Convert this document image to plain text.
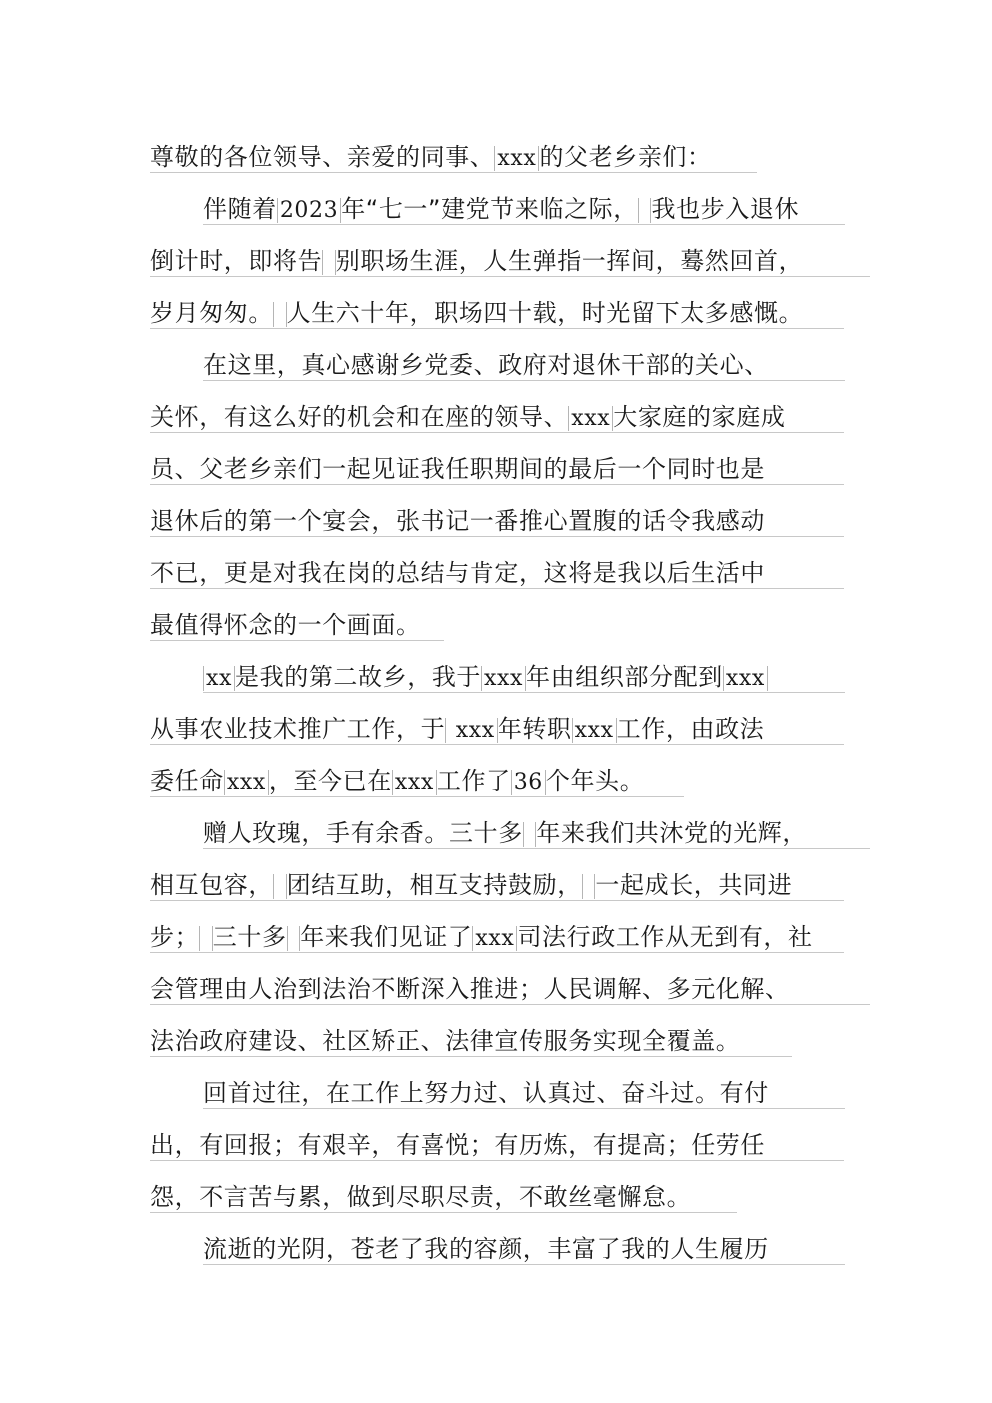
尊敬的各位领导、亲爱的同事、 xxx 的父老乡亲们：
伴随着 2023 年“七一”建党节来临之际， 我也步入退休
倒计时，即将告 别职场生涯，人生弹指一挥间，蓦然回首，
岁月匆匆。 人生六十年，职场四十载，时光留下太多感慨。
在这里，真心感谢乡党委、政府对退休干部的关心、
关怀，有这么好的机会和在座的领导、 xxx 大家庭的家庭成
员、父老乡亲们一起见证我任职期间的最后一个同时也是
退休后的第一个宴会，张书记一番推心置腹的话令我感动
不已，更是对我在岗的总结与肯定，这将是我以后生活中
最值得怀念的一个画面。
xx 是我的第二故乡，我于 xxx 年由组织部分配到 xxx
从事农业技术推广工作，于 xxx 年转职 xxx 工作，由政法
委任命 xxx ，至今已在 xxx 工作了 36 个年头。
赠人玫瑰，手有余香。三十多 年来我们共沐党的光辉，
相互包容， 团结互助，相互支持鼓励， 一起成长，共同进
步； 三十多 年来我们见证了 xxx 司法行政工作从无到有，社
会管理由人治到法治不断深入推进；人民调解、多元化解、
法治政府建设、社区矫正、法律宣传服务实现全覆盖。
回首过往，在工作上努力过、认真过、奋斗过。有付
出，有回报；有艰辛，有喜悦；有历炼，有提高；任劳任
怨，不言苦与累，做到尽职尽责，不敢丝毫懈怠。
流逝的光阴，苍老了我的容颜，丰富了我的人生履历
